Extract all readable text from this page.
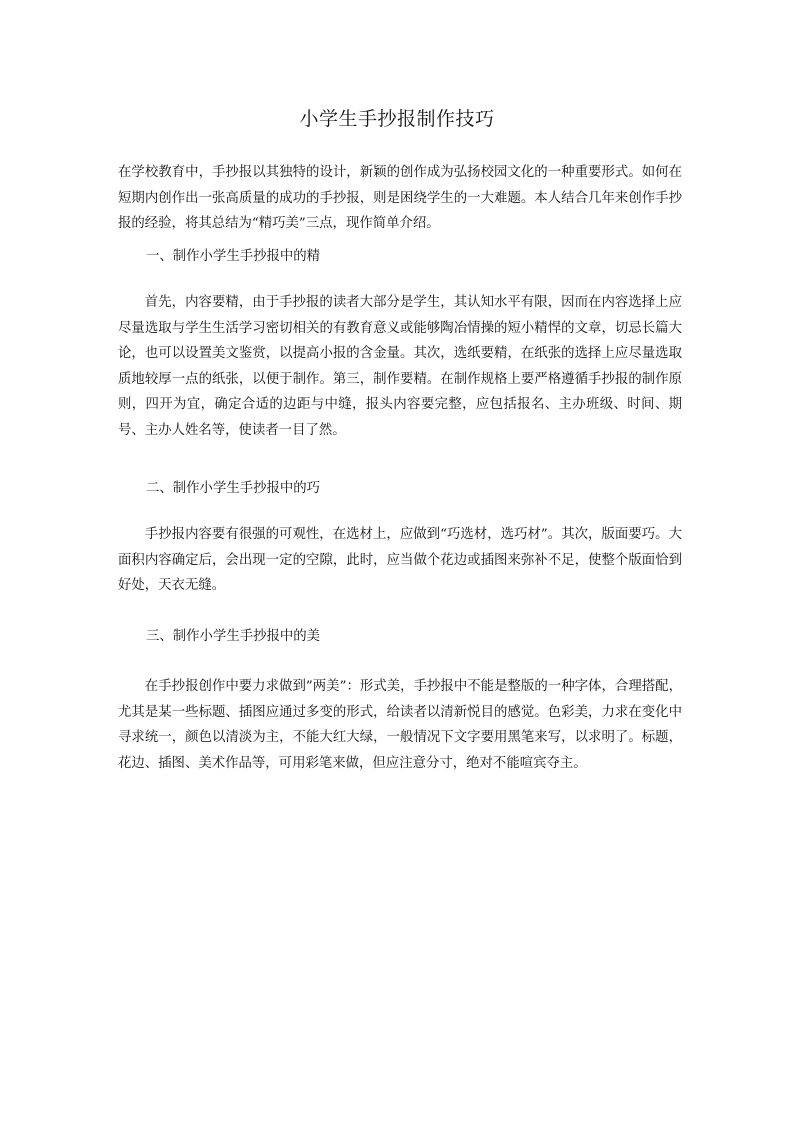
小学生手抄报制作技巧

在学校教育中，手抄报以其独特的设计，新颖的创作成为弘扬校园文化的一种重要形式。如何在短期内创作出一张高质量的成功的手抄报，则是困绕学生的一大难题。本人结合几年来创作手抄报的经验，将其总结为“精巧美”三点，现作简单介绍。

一、制作小学生手抄报中的精

首先，内容要精，由于手抄报的读者大部分是学生，其认知水平有限，因而在内容选择上应尽量选取与学生生活学习密切相关的有教育意义或能够陶冶情操的短小精悍的文章，切忌长篇大论，也可以设置美文鉴赏，以提高小报的含金量。其次，选纸要精，在纸张的选择上应尽量选取质地较厚一点的纸张，以便于制作。第三，制作要精。在制作规格上要严格遵循手抄报的制作原则，四开为宜，确定合适的边距与中缝，报头内容要完整，应包括报名、主办班级、时间、期号、主办人姓名等，使读者一目了然。

二、制作小学生手抄报中的巧

手抄报内容要有很强的可观性，在选材上，应做到“巧选材，选巧材”。其次，版面要巧。大面积内容确定后，会出现一定的空隙，此时，应当做个花边或插图来弥补不足，使整个版面恰到好处，天衣无缝。

三、制作小学生手抄报中的美

在手抄报创作中要力求做到”两美”：形式美，手抄报中不能是整版的一种字体，合理搭配，尤其是某一些标题、插图应通过多变的形式，给读者以清新悦目的感觉。色彩美，力求在变化中寻求统一，颜色以清淡为主，不能大红大绿，一般情况下文字要用黑笔来写，以求明了。标题，花边、插图、美术作品等，可用彩笔来做，但应注意分寸，绝对不能喧宾夺主。
